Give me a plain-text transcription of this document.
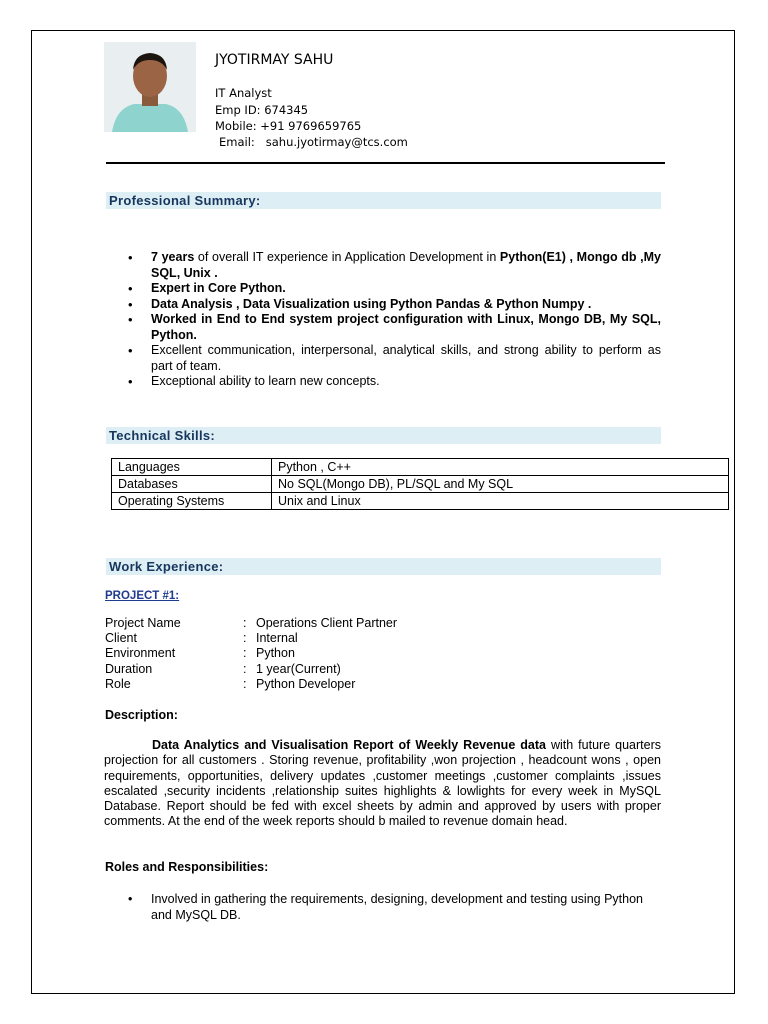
JYOTIRMAY SAHU
IT Analyst
Emp ID: 674345
Mobile: +91 9769659765
Email:   sahu.jyotirmay@tcs.com
Professional Summary:
• 7 years of overall IT experience in Application Development in Python(E1) , Mongo db ,My SQL, Unix .
• Expert in Core Python.
• Data Analysis , Data Visualization using Python Pandas & Python Numpy .
• Worked in End to End system project configuration with Linux, Mongo DB, My SQL, Python.
• Excellent communication, interpersonal, analytical skills, and strong ability to perform as part of team.
• Exceptional ability to learn new concepts.
Technical Skills:
Languages	Python , C++
Databases	No SQL(Mongo DB), PL/SQL and My SQL
Operating Systems	Unix and Linux
Work Experience:
PROJECT #1:
Project Name	: Operations Client Partner
Client	: Internal
Environment	: Python
Duration	: 1 year(Current)
Role	: Python Developer
Description:
Data Analytics and Visualisation Report of Weekly Revenue data with future quarters projection for all customers . Storing revenue, profitability ,won projection , headcount wons , open requirements, opportunities, delivery updates ,customer meetings ,customer complaints ,issues escalated ,security incidents ,relationship suites highlights & lowlights for every week in MySQL Database. Report should be fed with excel sheets by admin and approved by users with proper comments. At the end of the week reports should b mailed to revenue domain head.
Roles and Responsibilities:
• Involved in gathering the requirements, designing, development and testing using Python and MySQL DB.
